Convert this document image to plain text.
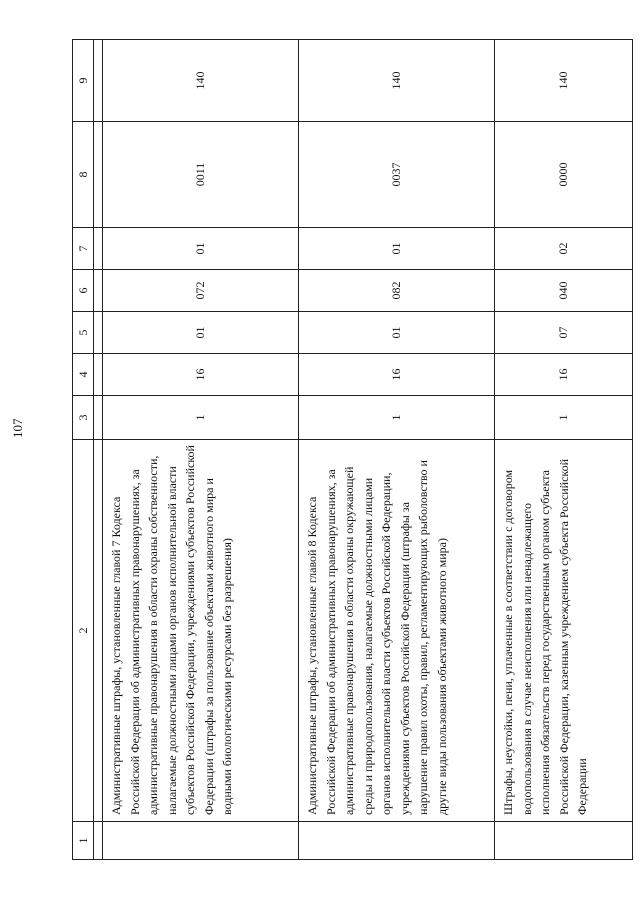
107
1	2	3	4	5	6	7	8	9

	Административные штрафы, установленные главой 7 Кодекса Российской Федерации об административных правонарушениях, за административные правонарушения в области охраны собственности, налагаемые должностными лицами органов исполнительной власти субъектов Российской Федерации, учреждениями субъектов Российской Федерации (штрафы за пользование объектами животного мира и водными биологическими ресурсами без разрешения)	1	16	01	072	01	0011	140
	Административные штрафы, установленные главой 8 Кодекса Российской Федерации об административных правонарушениях, за административные правонарушения в области охраны окружающей среды и природопользования, налагаемые должностными лицами органов исполнительной власти субъектов Российской Федерации, учреждениями субъектов Российской Федерации (штрафы за нарушение правил охоты, правил, регламентирующих рыболовство и другие виды пользования объектами животного мира)	1	16	01	082	01	0037	140
	Штрафы, неустойки, пени, уплаченные в соответствии с договором водопользования в случае неисполнения или ненадлежащего исполнения обязательств перед государственным органом субъекта Российской Федерации, казенным учреждением субъекта Российской Федерации	1	16	07	040	02	0000	140
